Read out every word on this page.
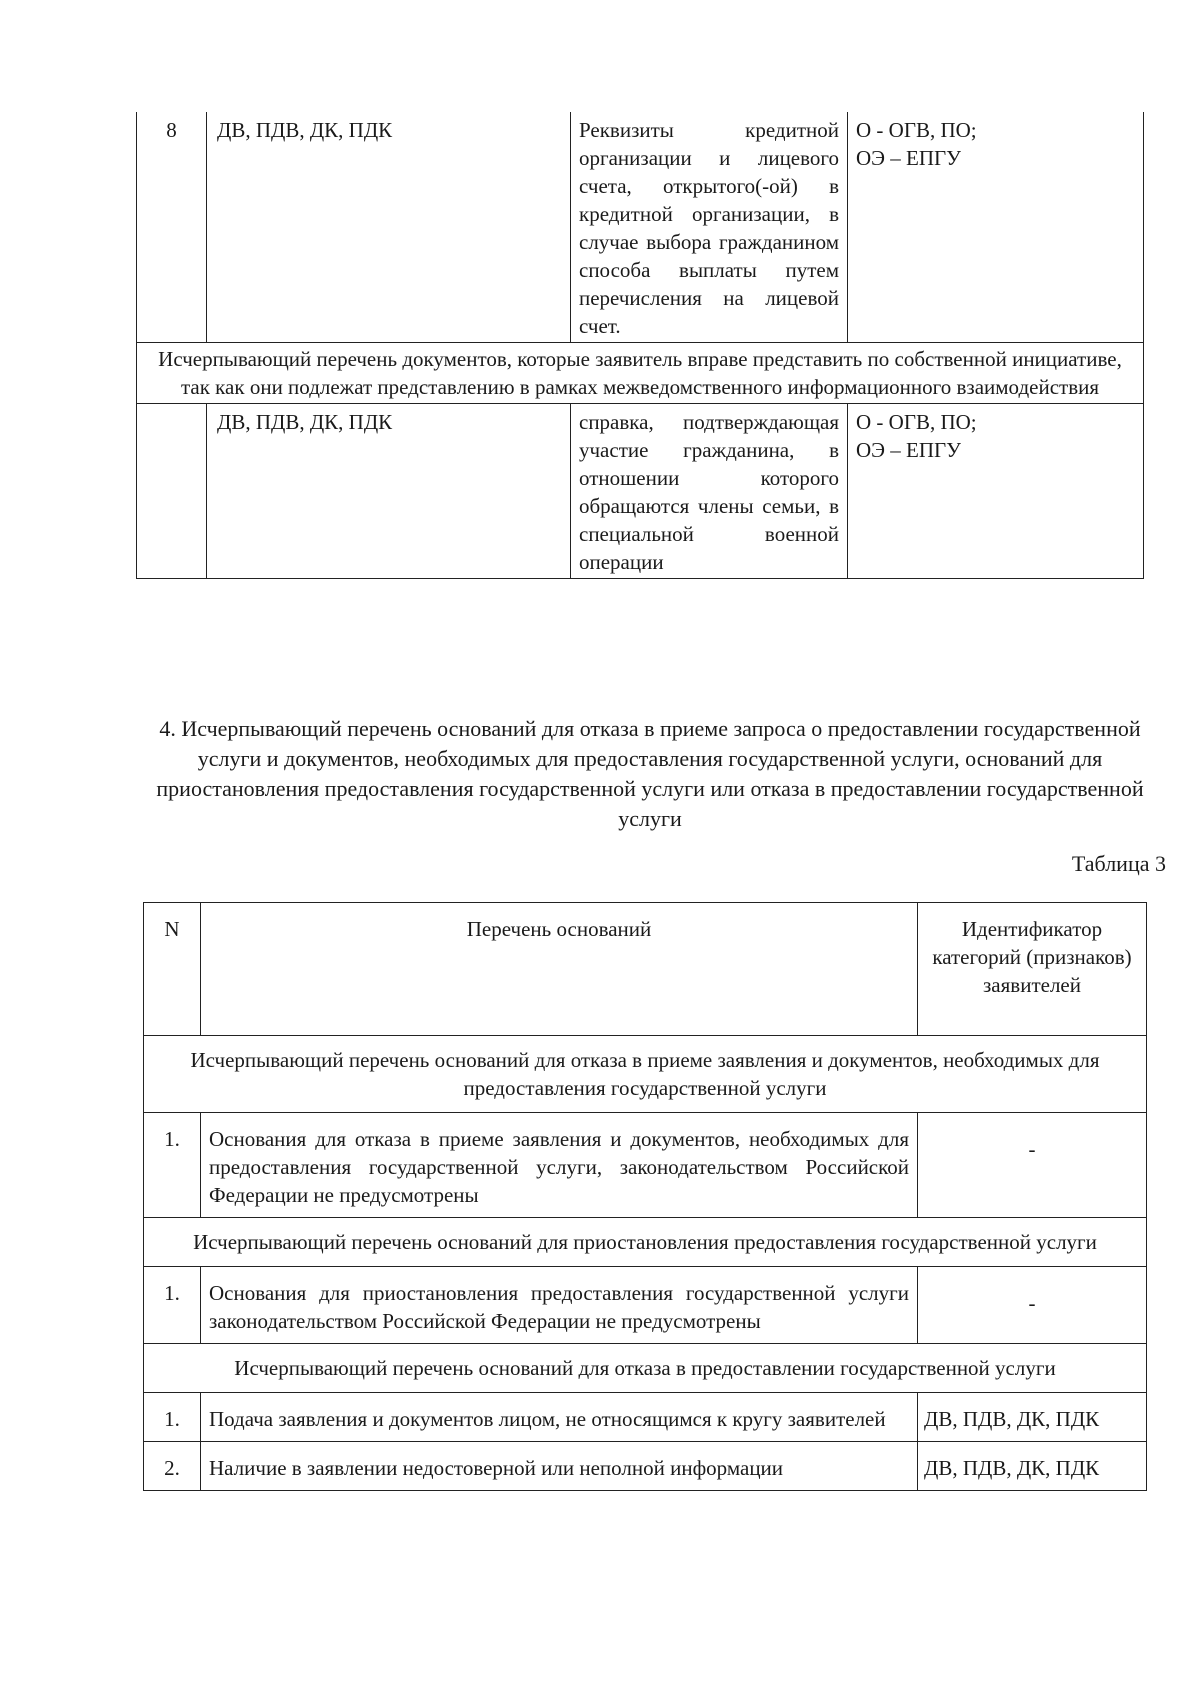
8	ДВ, ПДВ, ДК, ПДК	Реквизиты кредитной организации и лицевого счета, открытого(-ой) в кредитной организации, в случае выбора гражданином способа выплаты путем перечисления на лицевой счет.	О - ОГВ, ПО;
ОЭ – ЕПГУ

Исчерпывающий перечень документов, которые заявитель вправе представить по собственной инициативе, так как они подлежат представлению в рамках межведомственного информационного взаимодействия			
	ДВ, ПДВ, ДК, ПДК	справка, подтверждающая участие гражданина, в отношении которого обращаются члены семьи, в специальной военной операции	О - ОГВ, ПО;
ОЭ – ЕПГУ
4. Исчерпывающий перечень оснований для отказа в приеме запроса о предоставлении государственной услуги и документов, необходимых для предоставления государственной услуги, оснований для приостановления предоставления государственной услуги или отказа в предоставлении государственной услуги
Таблица 3
N	Перечень оснований	Идентификатор категорий (признаков) заявителей
Исчерпывающий перечень оснований для отказа в приеме заявления и документов, необходимых для предоставления государственной услуги		
1.	Основания для отказа в приеме заявления и документов, необходимых для предоставления государственной услуги, законодательством Российской Федерации не предусмотрены	-
Исчерпывающий перечень оснований для приостановления предоставления государственной услуги		
1.	Основания для приостановления предоставления государственной услуги законодательством Российской Федерации не предусмотрены	-
Исчерпывающий перечень оснований для отказа в предоставлении государственной услуги		
1.	Подача заявления и документов лицом, не относящимся к кругу заявителей	ДВ, ПДВ, ДК, ПДК
2.	Наличие в заявлении недостоверной или неполной информации	ДВ, ПДВ, ДК, ПДК
